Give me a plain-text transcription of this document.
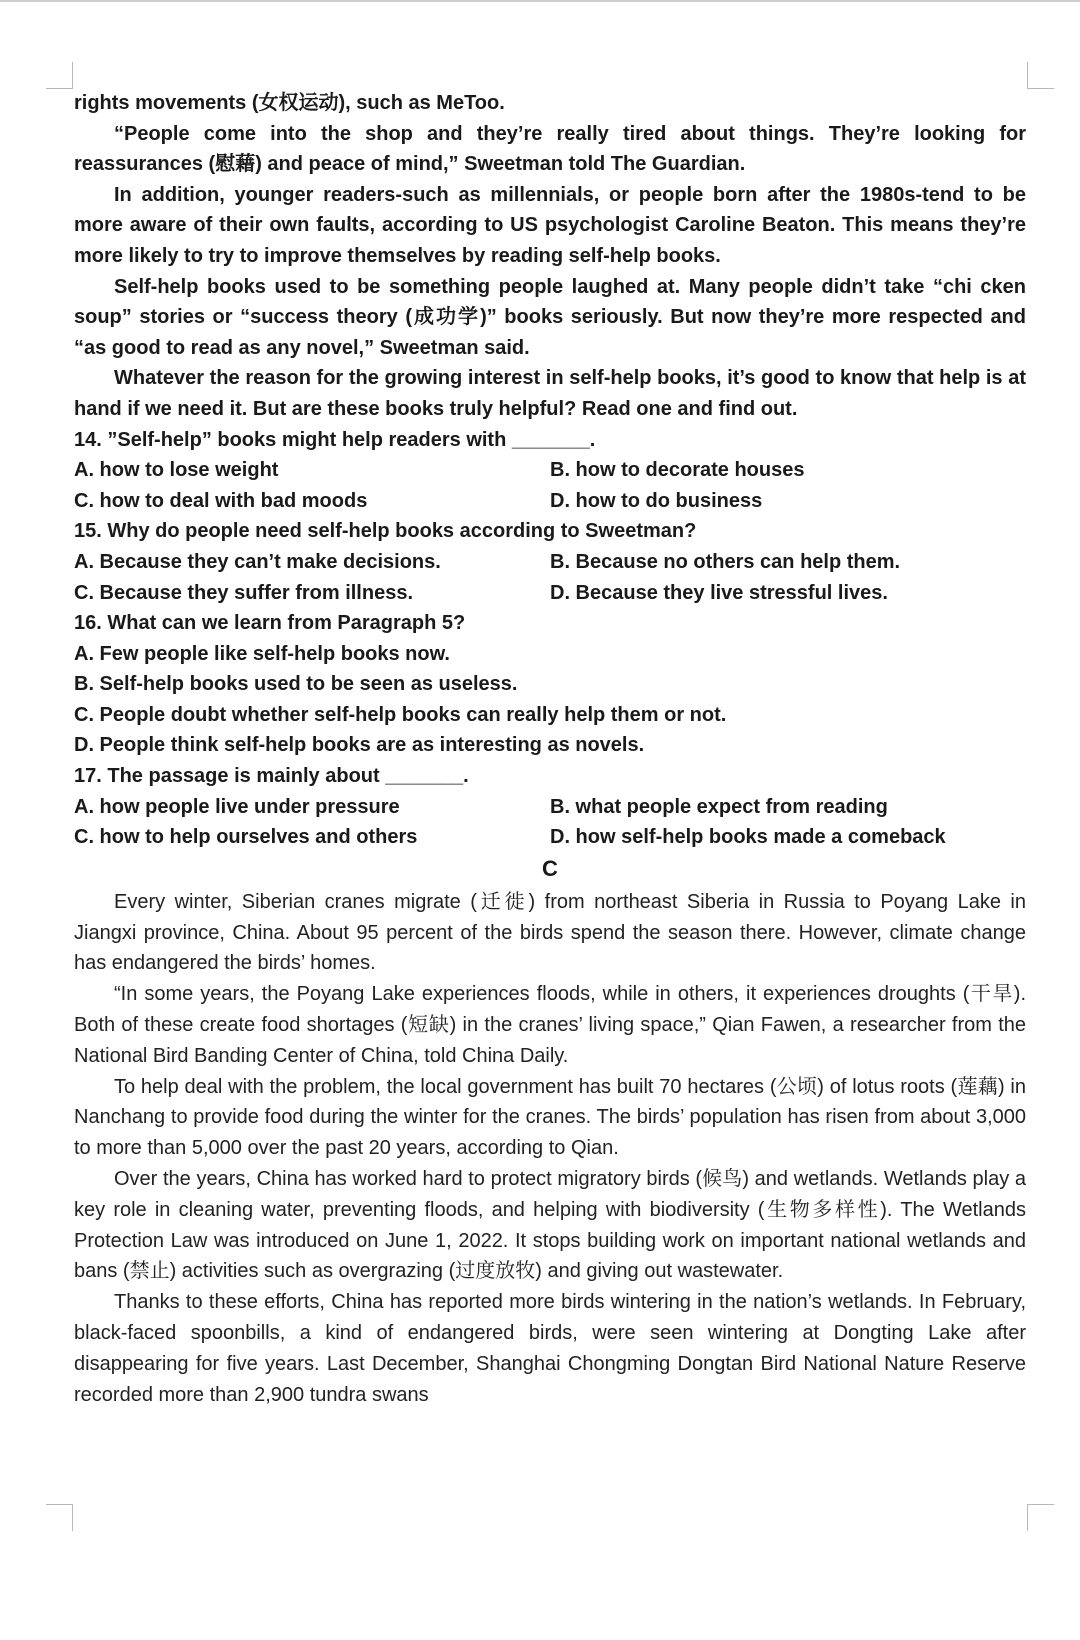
rights movements (女权运动), such as MeToo.

“People come into the shop and they’re really tired about things. They’re looking for reassurances (慰藉) and peace of mind,” Sweetman told The Guardian.

In addition, younger readers-such as millennials, or people born after the 1980s-tend to be more aware of their own faults, according to US psychologist Caroline Beaton. This means they’re more likely to try to improve themselves by reading self-help books.

Self-help books used to be something people laughed at. Many people didn’t take “chi cken soup” stories or “success theory (成功学)” books seriously. But now they’re more respected and “as good to read as any novel,” Sweetman said.

Whatever the reason for the growing interest in self-help books, it’s good to know that help is at hand if we need it. But are these books truly helpful? Read one and find out.

14. ”Self-help” books might help readers with _______.

A. how to lose weight	B. how to decorate houses
C. how to deal with bad moods	D. how to do business

15. Why do people need self-help books according to Sweetman?

A. Because they can’t make decisions.	B. Because no others can help them.
C. Because they suffer from illness.	D. Because they live stressful lives.

16. What can we learn from Paragraph 5?

A. Few people like self-help books now.

B. Self-help books used to be seen as useless.

C. People doubt whether self-help books can really help them or not.

D. People think self-help books are as interesting as novels.

17. The passage is mainly about _______.

A. how people live under pressure	B. what people expect from reading
C. how to help ourselves and others	D. how self-help books made a comeback

C

Every winter, Siberian cranes migrate (迁徙) from northeast Siberia in Russia to Poyang Lake in Jiangxi province, China. About 95 percent of the birds spend the season there. However, climate change has endangered the birds’ homes.

“In some years, the Poyang Lake experiences floods, while in others, it experiences droughts (干旱). Both of these create food shortages (短缺) in the cranes’ living space,” Qian Fawen, a researcher from the National Bird Banding Center of China, told China Daily.

To help deal with the problem, the local government has built 70 hectares (公顷) of lotus roots (莲藕) in Nanchang to provide food during the winter for the cranes. The birds’ population has risen from about 3,000 to more than 5,000 over the past 20 years, according to Qian.

Over the years, China has worked hard to protect migratory birds (候鸟) and wetlands. Wetlands play a key role in cleaning water, preventing floods, and helping with biodiversity (生物多样性). The Wetlands Protection Law was introduced on June 1, 2022. It stops building work on important national wetlands and bans (禁止) activities such as overgrazing (过度放牧) and giving out wastewater.

Thanks to these efforts, China has reported more birds wintering in the nation’s wetlands. In February, black-faced spoonbills, a kind of endangered birds, were seen wintering at Dongting Lake after disappearing for five years. Last December, Shanghai Chongming Dongtan Bird National Nature Reserve recorded more than 2,900 tundra swans
